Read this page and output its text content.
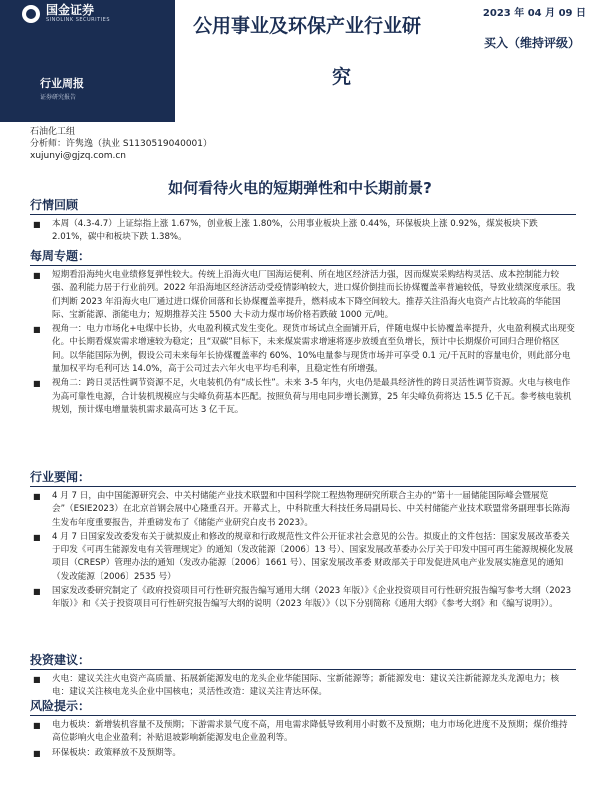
国金证券
SINOLINK SECURITIES
行业周报
证券研究报告
2023 年 04 月 09 日
公用事业及环保产业行业研
究
买入（维持评级）
石油化工组
分析师：许隽逸（执业 S1130519040001）
xujunyi@gjzq.com.cn
如何看待火电的短期弹性和中长期前景?
行情回顾
■ 本周（4.3-4.7）上证综指上涨 1.67%，创业板上涨 1.80%，公用事业板块上涨 0.44%，环保板块上涨 0.92%，煤炭板块下跌 2.01%，碳中和板块下跌 1.38%。
每周专题：
■ 短期看沿海纯火电业绩修复弹性较大。传统上沿海火电厂国海运便利、所在地区经济活力强，因而煤炭采购结构灵活、成本控制能力较强、盈利能力居于行业前列。2022 年沿海地区经济活动受疫情影响较大，进口煤价倒挂而长协煤覆盖率普遍较低，导致业绩深度承压。我们判断 2023 年沿海火电厂通过进口煤价回落和长协煤覆盖率提升，燃料成本下降空间较大。推荐关注沿海火电资产占比较高的华能国际、宝新能源、浙能电力；短期推荐关注 5500 大卡动力煤市场价格若跌破 1000 元/吨。
■ 视角一：电力市场化+电煤中长协，火电盈利模式发生变化。现货市场试点全面铺开后，伴随电煤中长协覆盖率提升，火电盈利模式出现变化。中长期看煤炭需求增速较为稳定；且“双碳”目标下，未来煤炭需求增速将逐步放缓直至负增长，预计中长期煤价可回归合理价格区间。以华能国际为例，假设公司未来每年长协煤覆盖率约 60%、10%电量参与现货市场并可享受 0.1 元/千瓦时的容量电价，则此部分电量加权平均毛利可达 14.0%，高于公司过去六年火电平均毛利率，且稳定性有所增强。
■ 视角二：跨日灵活性调节资源不足，火电装机仍有“成长性”。未来 3-5 年内，火电仍是最具经济性的跨日灵活性调节资源。火电与核电作为高可靠性电源，合计装机规模应与尖峰负荷基本匹配。按照负荷与用电同步增长测算，25 年尖峰负荷将达 15.5 亿千瓦。参考核电装机规划，预计煤电增量装机需求最高可达 3 亿千瓦。
行业要闻：
■ 4 月 7 日，由中国能源研究会、中关村储能产业技术联盟和中国科学院工程热物理研究所联合主办的“第十一届储能国际峰会暨展览会”（ESIE2023）在北京首钢会展中心隆重召开。开幕式上，中科院重大科技任务局副局长、中关村储能产业技术联盟常务副理事长陈海生发布年度重要报告，并重磅发布了《储能产业研究白皮书 2023》。
■ 4 月 7 日国家发改委发布关于就拟废止和修改的规章和行政规范性文件公开征求社会意见的公告。拟废止的文件包括：国家发展改革委关于印发《可再生能源发电有关管理规定》的通知（发改能源〔2006〕13 号）、国家发展改革委办公厅关于印发中国可再生能源规模化发展项目（CRESP）管理办法的通知（发改办能源〔2006〕1661 号）、国家发展改革委 财政部关于印发促进风电产业发展实施意见的通知（发改能源〔2006〕2535 号）
■ 国家发改委研究制定了《政府投资项目可行性研究报告编写通用大纲（2023 年版）》《企业投资项目可行性研究报告编写参考大纲（2023 年版）》和《关于投资项目可行性研究报告编写大纲的说明（2023 年版）》（以下分别简称《通用大纲》《参考大纲》和《编写说明》）。
投资建议：
■ 火电：建议关注火电资产高质量、拓展新能源发电的龙头企业华能国际、宝新能源等；新能源发电：建议关注新能源龙头龙源电力；核电：建议关注核电龙头企业中国核电；灵活性改造：建议关注青达环保。
风险提示：
■ 电力板块：新增装机容量不及预期；下游需求景气度不高，用电需求降低导致利用小时数不及预期；电力市场化进度不及预期；煤价维持高位影响火电企业盈利；补贴退坡影响新能源发电企业盈利等。
■ 环保板块：政策释放不及预期等。
